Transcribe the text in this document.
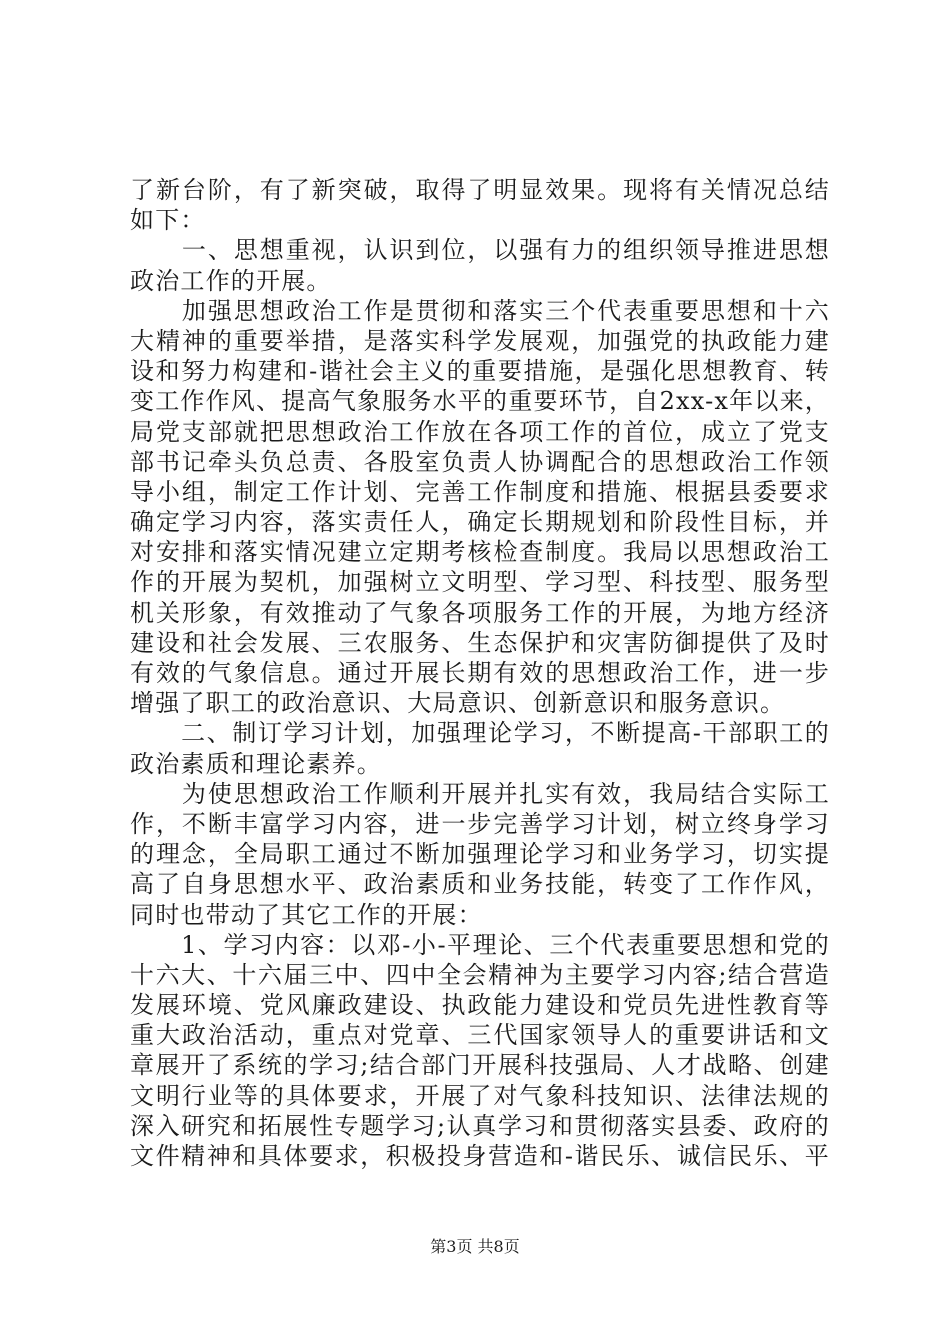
了新台阶，有了新突破，取得了明显效果。现将有关情况总结
如下：
　　一、思想重视，认识到位，以强有力的组织领导推进思想
政治工作的开展。
　　加强思想政治工作是贯彻和落实三个代表重要思想和十六
大精神的重要举措，是落实科学发展观，加强党的执政能力建
设和努力构建和-谐社会主义的重要措施，是强化思想教育、转
变工作作风、提高气象服务水平的重要环节，自2xx-x年以来，
局党支部就把思想政治工作放在各项工作的首位，成立了党支
部书记牵头负总责、各股室负责人协调配合的思想政治工作领
导小组，制定工作计划、完善工作制度和措施、根据县委要求
确定学习内容，落实责任人，确定长期规划和阶段性目标，并
对安排和落实情况建立定期考核检查制度。我局以思想政治工
作的开展为契机，加强树立文明型、学习型、科技型、服务型
机关形象，有效推动了气象各项服务工作的开展，为地方经济
建设和社会发展、三农服务、生态保护和灾害防御提供了及时
有效的气象信息。通过开展长期有效的思想政治工作，进一步
增强了职工的政治意识、大局意识、创新意识和服务意识。
　　二、制订学习计划，加强理论学习，不断提高-干部职工的
政治素质和理论素养。
　　为使思想政治工作顺利开展并扎实有效，我局结合实际工
作，不断丰富学习内容，进一步完善学习计划，树立终身学习
的理念，全局职工通过不断加强理论学习和业务学习，切实提
高了自身思想水平、政治素质和业务技能，转变了工作作风，
同时也带动了其它工作的开展：
　　1、学习内容：以邓-小-平理论、三个代表重要思想和党的
十六大、十六届三中、四中全会精神为主要学习内容;结合营造
发展环境、党风廉政建设、执政能力建设和党员先进性教育等
重大政治活动，重点对党章、三代国家领导人的重要讲话和文
章展开了系统的学习;结合部门开展科技强局、人才战略、创建
文明行业等的具体要求，开展了对气象科技知识、法律法规的
深入研究和拓展性专题学习;认真学习和贯彻落实县委、政府的
文件精神和具体要求，积极投身营造和-谐民乐、诚信民乐、平
第3页 共8页
